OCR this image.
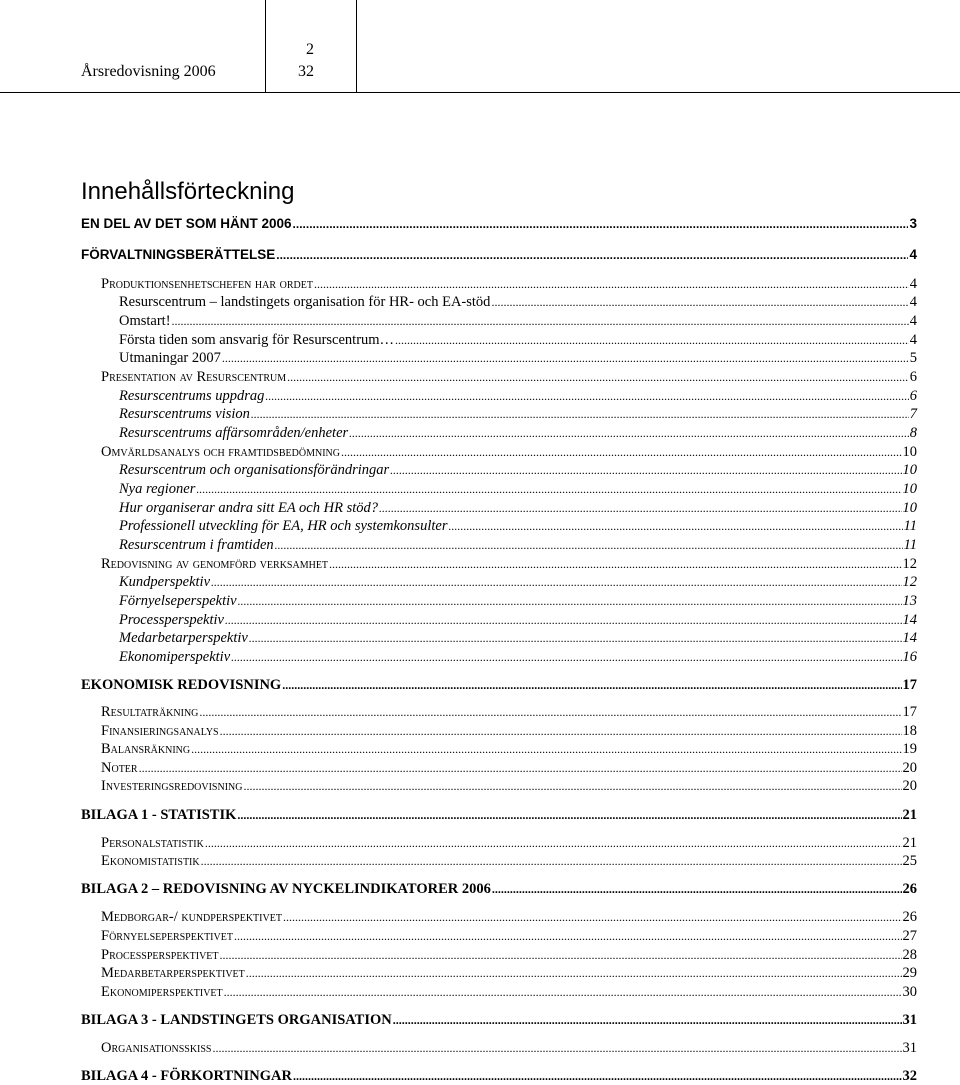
Årsredovisning 2006
2
32
Innehållsförteckning
EN DEL AV DET SOM HÄNT 2006 .....	3
FÖRVALTNINGSBERÄTTELSE .....	4
Produktionsenhetschefen har ordet .....	4
Resurscentrum – landstingets organisation för HR- och EA-stöd .....	4
Omstart! .....	4
Första tiden som ansvarig för Resurscentrum… .....	4
Utmaningar 2007 .....	5
Presentation av Resurscentrum .....	6
Resurscentrums uppdrag .....	6
Resurscentrums vision .....	7
Resurscentrums affärsområden/enheter .....	8
Omvärldsanalys och framtidsbedömning .....	10
Resurscentrum och organisationsförändringar .....	10
Nya regioner .....	10
Hur organiserar andra sitt EA och HR stöd? .....	10
Professionell utveckling för EA, HR och systemkonsulter .....	11
Resurscentrum i framtiden .....	11
Redovisning av genomförd verksamhet .....	12
Kundperspektiv .....	12
Förnyelseperspektiv .....	13
Processperspektiv .....	14
Medarbetarperspektiv .....	14
Ekonomiperspektiv .....	16
EKONOMISK REDOVISNING .....	17
Resultaträkning .....	17
Finansieringsanalys .....	18
Balansräkning .....	19
Noter .....	20
Investeringsredovisning .....	20
BILAGA 1 - STATISTIK .....	21
Personalstatistik .....	21
Ekonomistatistik .....	25
BILAGA 2 – REDOVISNING AV NYCKELINDIKATORER 2006 .....	26
Medborgar-/ kundperspektivet .....	26
Förnyelseperspektivet .....	27
Processperspektivet .....	28
Medarbetarperspektivet .....	29
Ekonomiperspektivet .....	30
BILAGA 3 - LANDSTINGETS ORGANISATION .....	31
Organisationsskiss .....	31
BILAGA 4 - FÖRKORTNINGAR .....	32
